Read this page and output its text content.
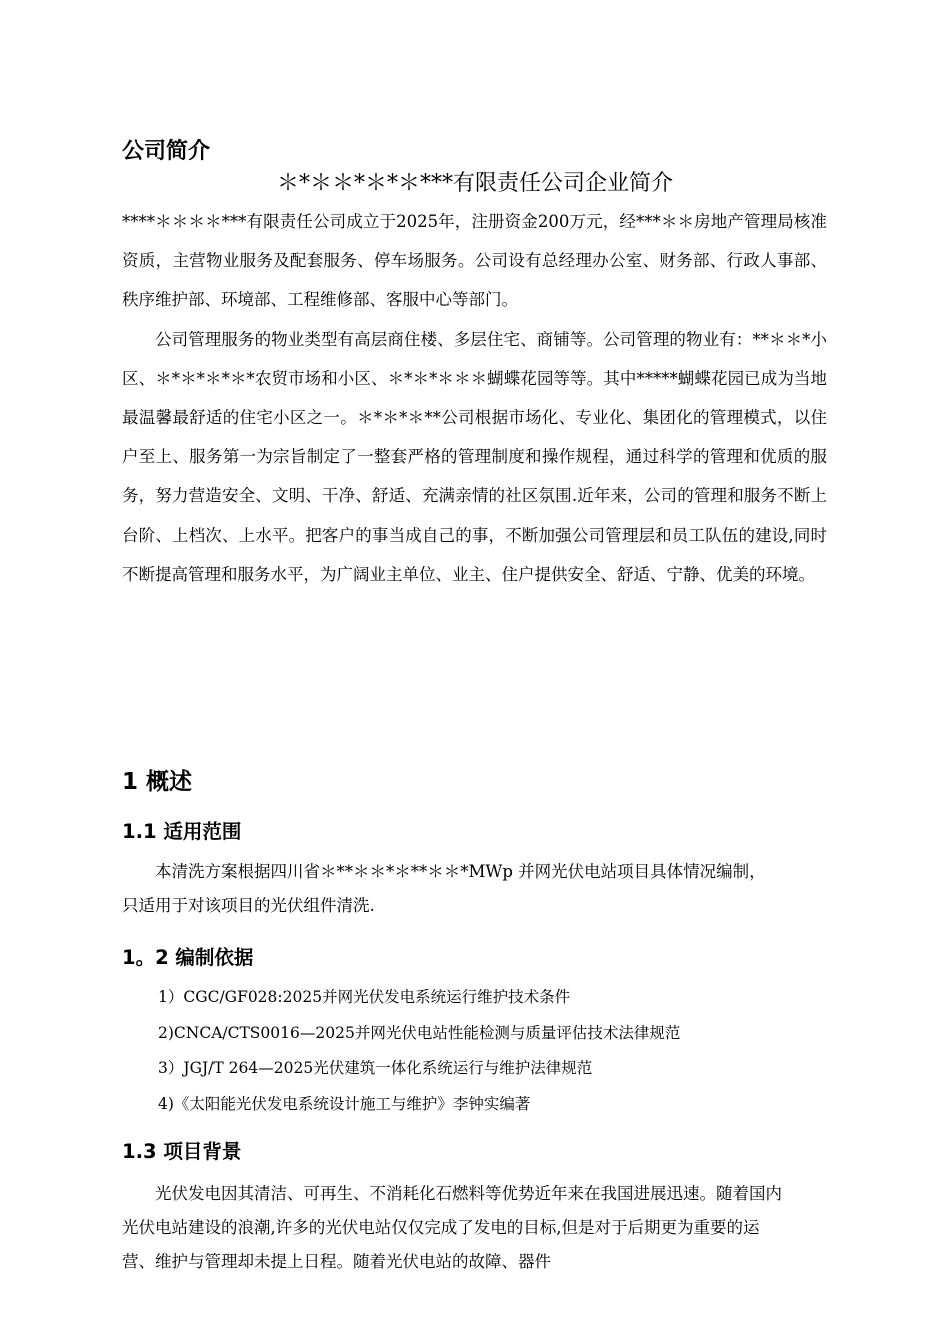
公司简介
＊*＊＊*＊*＊***有限责任公司企业简介

****＊＊＊＊***有限责任公司成立于2025年，注册资金200万元，经***＊＊房地产管理局核准资质，主营物业服务及配套服务、停车场服务。公司设有总经理办公室、财务部、行政人事部、秩序维护部、环境部、工程维修部、客服中心等部门。

公司管理服务的物业类型有高层商住楼、多层住宅、商铺等。公司管理的物业有：**＊＊*小区、＊*＊*＊*＊*农贸市场和小区、＊*＊*＊＊＊蝴蝶花园等等。其中*****蝴蝶花园已成为当地最温馨最舒适的住宅小区之一。＊*＊*＊**公司根据市场化、专业化、集团化的管理模式，以住户至上、服务第一为宗旨制定了一整套严格的管理制度和操作规程，通过科学的管理和优质的服务，努力营造安全、文明、干净、舒适、充满亲情的社区氛围.近年来，公司的管理和服务不断上台阶、上档次、上水平。把客户的事当成自己的事，不断加强公司管理层和员工队伍的建设,同时不断提高管理和服务水平，为广阔业主单位、业主、住户提供安全、舒适、宁静、优美的环境。

1 概述
1.1 适用范围

本清洗方案根据四川省＊**＊＊*＊**＊＊*MWp 并网光伏电站项目具体情况编制，只适用于对该项目的光伏组件清洗.

1。2 编制依据
1）CGC/GF028:2025并网光伏发电系统运行维护技术条件
2)CNCA/CTS0016—2025并网光伏电站性能检测与质量评估技术法律规范
3）JGJ/T 264—2025光伏建筑一体化系统运行与维护法律规范
4)《太阳能光伏发电系统设计施工与维护》李钟实编著
1.3 项目背景

光伏发电因其清洁、可再生、不消耗化石燃料等优势近年来在我国进展迅速。随着国内光伏电站建设的浪潮,许多的光伏电站仅仅完成了发电的目标,但是对于后期更为重要的运营、维护与管理却未提上日程。随着光伏电站的故障、器件
